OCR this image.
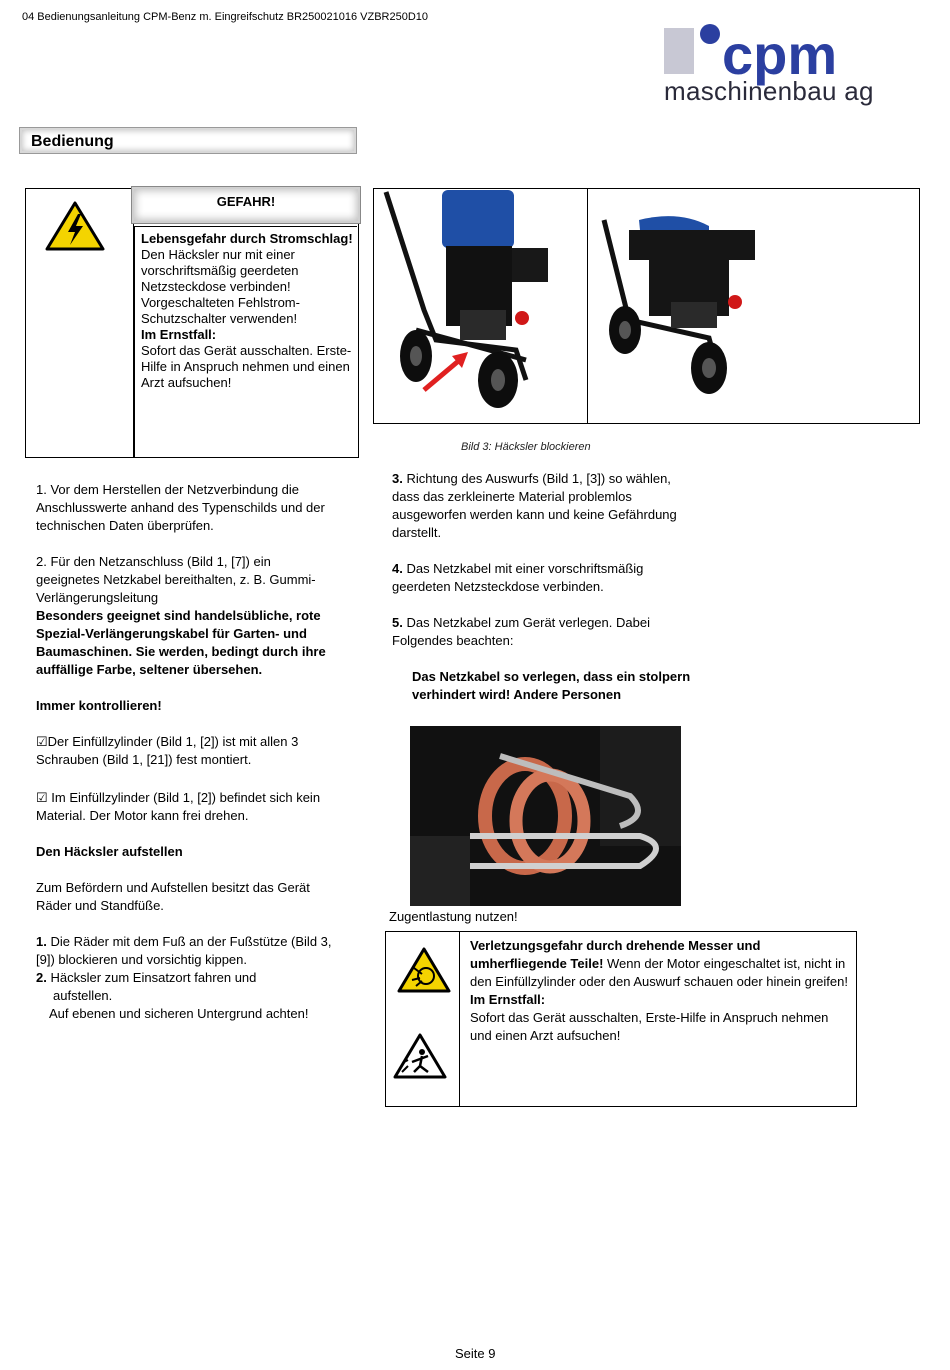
04 Bedienungsanleitung CPM-Benz m. Eingreifschutz BR250021016 VZBR250D10
cpm
maschinenbau ag
Bedienung
GEFAHR!
Lebensgefahr durch Stromschlag!
Den Häcksler nur mit einer vorschriftsmäßig geerdeten Netzsteckdose verbinden! Vorgeschalteten Fehlstrom-Schutzschalter verwenden!
Im Ernstfall:
Sofort das Gerät ausschalten. Erste-Hilfe in Anspruch nehmen und einen Arzt aufsuchen!
Bild 3: Häcksler blockieren
1. Vor dem Herstellen der Netzverbindung die Anschlusswerte anhand des Typenschilds und der technischen Daten überprüfen.
2. Für den Netzanschluss (Bild 1, [7]) ein geeignetes Netzkabel bereithalten, z. B. Gummi-Verlängerungsleitung
Besonders geeignet sind handelsübliche, rote Spezial-Verlängerungskabel für Garten- und Baumaschinen. Sie werden, bedingt durch ihre auffällige Farbe, seltener übersehen.
Immer kontrollieren!
☑Der Einfüllzylinder (Bild 1, [2]) ist mit allen 3 Schrauben (Bild 1, [21]) fest montiert.
☑ Im Einfüllzylinder (Bild 1, [2]) befindet sich kein Material. Der Motor kann frei drehen.
Den Häcksler aufstellen
Zum Befördern und Aufstellen besitzt das Gerät Räder und Standfüße.
1. Die Räder mit dem Fuß an der Fußstütze (Bild 3, [9]) blockieren und vorsichtig kippen.
2. Häcksler zum Einsatzort fahren und
aufstellen.
Auf ebenen und sicheren Untergrund achten!
3. Richtung des Auswurfs (Bild 1, [3]) so wählen, dass das zerkleinerte Material problemlos ausgeworfen werden kann und keine Gefährdung darstellt.
4. Das Netzkabel mit einer vorschriftsmäßig geerdeten Netzsteckdose verbinden.
5. Das Netzkabel zum Gerät verlegen. Dabei Folgendes beachten:
Das Netzkabel so verlegen, dass ein stolpern verhindert wird! Andere Personen
Zugentlastung nutzen!
Verletzungsgefahr durch drehende Messer und umherfliegende Teile! Wenn der Motor eingeschaltet ist, nicht in den Einfüllzylinder oder den Auswurf schauen oder hinein greifen!
Im Ernstfall:
Sofort das Gerät ausschalten, Erste-Hilfe in Anspruch nehmen und einen Arzt aufsuchen!
Seite 9
